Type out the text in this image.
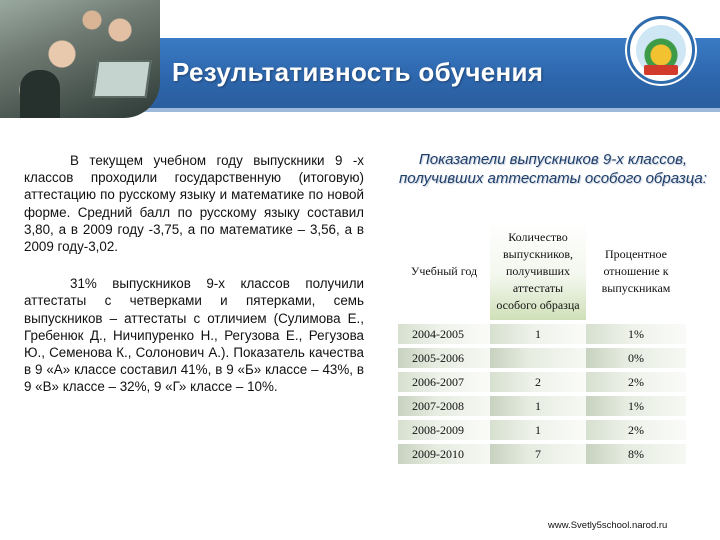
Результативность обучения

В текущем учебном году выпускники 9 -х классов проходили государственную (итоговую) аттестацию по русскому языку и математике по новой форме. Средний балл по русскому языку составил 3,80, а в 2009 году -3,75, а по математике – 3,56, а в 2009 году-3,02.

31% выпускников 9-х классов получили аттестаты с четверками и пятерками, семь выпускников – аттестаты с отличием (Сулимова Е., Гребенюк Д., Ничипуренко Н., Регузова Е., Регузова Ю., Семенова К., Солонович А.). Показатель качества в 9 «А» классе составил 41%, в 9 «Б» классе – 43%, в 9 «В» классе – 32%, 9 «Г» классе – 10%.

Показатели выпускников 9-х классов, получивших аттестаты особого образца:
Учебный год	Количество выпускников, получивших аттестаты особого образца	Процентное отношение к выпускникам
2004-2005	1	1%
2005-2006		0%
2006-2007	2	2%
2007-2008	1	1%
2008-2009	1	2%
2009-2010	7	8%
www.Svetly5school.narod.ru
